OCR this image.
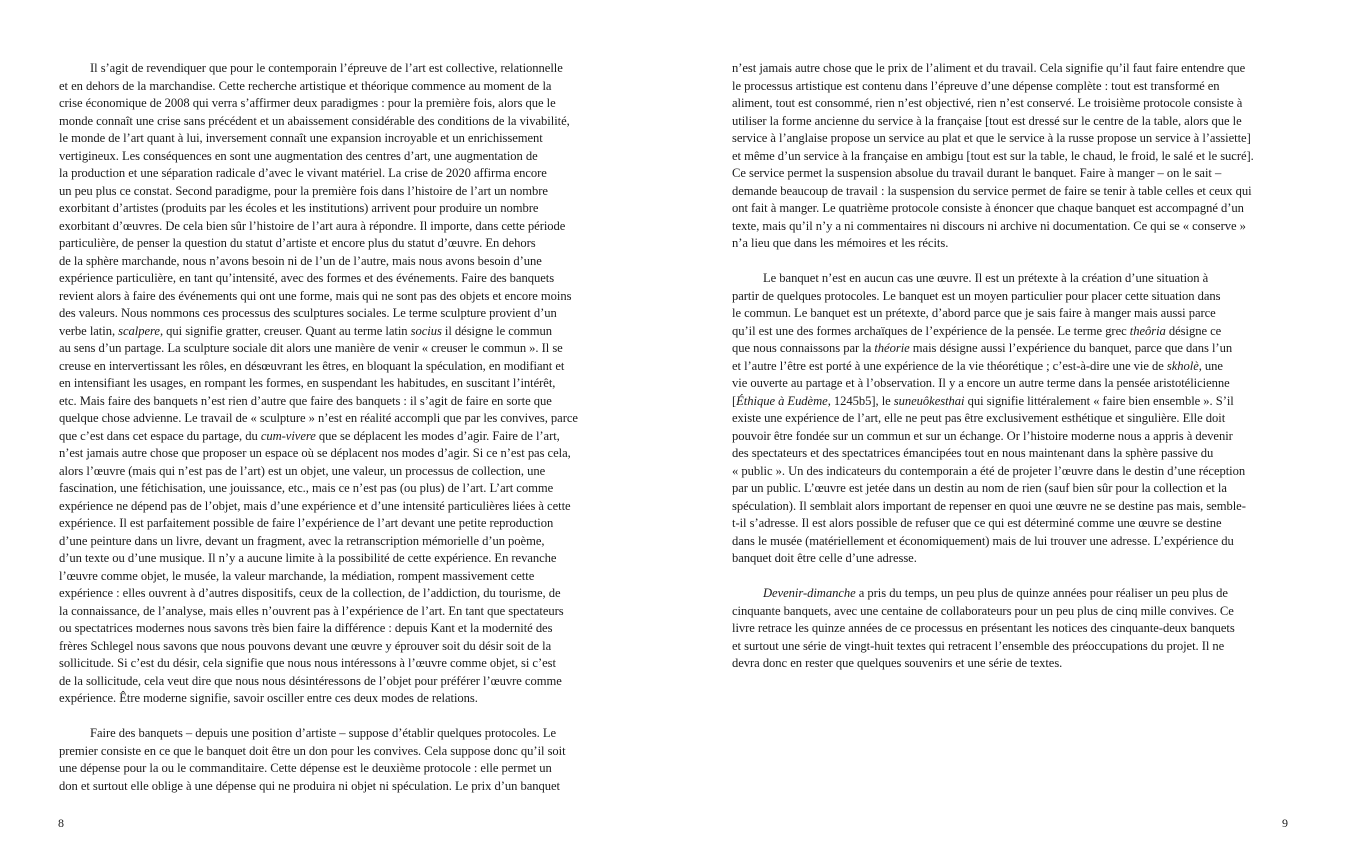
Il s’agit de revendiquer que pour le contemporain l’épreuve de l’art est collective, relationnelle
et en dehors de la marchandise. Cette recherche artistique et théorique commence au moment de la
crise économique de 2008 qui verra s’affirmer deux paradigmes : pour la première fois, alors que le
monde connaît une crise sans précédent et un abaissement considérable des conditions de la vivabilité,
le monde de l’art quant à lui, inversement connaît une expansion incroyable et un enrichissement
vertigineux. Les conséquences en sont une augmentation des centres d’art, une augmentation de
la production et une séparation radicale d’avec le vivant matériel. La crise de 2020 affirma encore
un peu plus ce constat. Second paradigme, pour la première fois dans l’histoire de l’art un nombre
exorbitant d’artistes (produits par les écoles et les institutions) arrivent pour produire un nombre
exorbitant d’œuvres. De cela bien sûr l’histoire de l’art aura à répondre. Il importe, dans cette période
particulière, de penser la question du statut d’artiste et encore plus du statut d’œuvre. En dehors
de la sphère marchande, nous n’avons besoin ni de l’un de l’autre, mais nous avons besoin d’une
expérience particulière, en tant qu’intensité, avec des formes et des événements. Faire des banquets
revient alors à faire des événements qui ont une forme, mais qui ne sont pas des objets et encore moins
des valeurs. Nous nommons ces processus des sculptures sociales. Le terme sculpture provient d’un
verbe latin, scalpere, qui signifie gratter, creuser. Quant au terme latin socius il désigne le commun
au sens d’un partage. La sculpture sociale dit alors une manière de venir « creuser le commun ». Il se
creuse en intervertissant les rôles, en désœuvrant les êtres, en bloquant la spéculation, en modifiant et
en intensifiant les usages, en rompant les formes, en suspendant les habitudes, en suscitant l’intérêt,
etc. Mais faire des banquets n’est rien d’autre que faire des banquets : il s’agit de faire en sorte que
quelque chose advienne. Le travail de « sculpture » n’est en réalité accompli que par les convives, parce
que c’est dans cet espace du partage, du cum-vivere que se déplacent les modes d’agir. Faire de l’art,
n’est jamais autre chose que proposer un espace où se déplacent nos modes d’agir. Si ce n’est pas cela,
alors l’œuvre (mais qui n’est pas de l’art) est un objet, une valeur, un processus de collection, une
fascination, une fétichisation, une jouissance, etc., mais ce n’est pas (ou plus) de l’art. L’art comme
expérience ne dépend pas de l’objet, mais d’une expérience et d’une intensité particulières liées à cette
expérience. Il est parfaitement possible de faire l’expérience de l’art devant une petite reproduction
d’une peinture dans un livre, devant un fragment, avec la retranscription mémorielle d’un poème,
d’un texte ou d’une musique. Il n’y a aucune limite à la possibilité de cette expérience. En revanche
l’œuvre comme objet, le musée, la valeur marchande, la médiation, rompent massivement cette
expérience : elles ouvrent à d’autres dispositifs, ceux de la collection, de l’addiction, du tourisme, de
la connaissance, de l’analyse, mais elles n’ouvrent pas à l’expérience de l’art. En tant que spectateurs
ou spectatrices modernes nous savons très bien faire la différence : depuis Kant et la modernité des
frères Schlegel nous savons que nous pouvons devant une œuvre y éprouver soit du désir soit de la
sollicitude. Si c’est du désir, cela signifie que nous nous intéressons à l’œuvre comme objet, si c’est
de la sollicitude, cela veut dire que nous nous désintéressons de l’objet pour préférer l’œuvre comme
expérience. Être moderne signifie, savoir osciller entre ces deux modes de relations.
Faire des banquets – depuis une position d’artiste – suppose d’établir quelques protocoles. Le
premier consiste en ce que le banquet doit être un don pour les convives. Cela suppose donc qu’il soit
une dépense pour la ou le commanditaire. Cette dépense est le deuxième protocole : elle permet un
don et surtout elle oblige à une dépense qui ne produira ni objet ni spéculation. Le prix d’un banquet
8
n’est jamais autre chose que le prix de l’aliment et du travail. Cela signifie qu’il faut faire entendre que
le processus artistique est contenu dans l’épreuve d’une dépense complète : tout est transformé en
aliment, tout est consommé, rien n’est objectivé, rien n’est conservé. Le troisième protocole consiste à
utiliser la forme ancienne du service à la française [tout est dressé sur le centre de la table, alors que le
service à l’anglaise propose un service au plat et que le service à la russe propose un service à l’assiette]
et même d’un service à la française en ambigu [tout est sur la table, le chaud, le froid, le salé et le sucré].
Ce service permet la suspension absolue du travail durant le banquet. Faire à manger – on le sait –
demande beaucoup de travail : la suspension du service permet de faire se tenir à table celles et ceux qui
ont fait à manger. Le quatrième protocole consiste à énoncer que chaque banquet est accompagné d’un
texte, mais qu’il n’y a ni commentaires ni discours ni archive ni documentation. Ce qui se « conserve »
n’a lieu que dans les mémoires et les récits.
Le banquet n’est en aucun cas une œuvre. Il est un prétexte à la création d’une situation à
partir de quelques protocoles. Le banquet est un moyen particulier pour placer cette situation dans
le commun. Le banquet est un prétexte, d’abord parce que je sais faire à manger mais aussi parce
qu’il est une des formes archaïques de l’expérience de la pensée. Le terme grec theôria désigne ce
que nous connaissons par la théorie mais désigne aussi l’expérience du banquet, parce que dans l’un
et l’autre l’être est porté à une expérience de la vie théorétique ; c’est-à-dire une vie de skholè, une
vie ouverte au partage et à l’observation. Il y a encore un autre terme dans la pensée aristotélicienne
[Éthique à Eudème, 1245b5], le suneuôkesthai qui signifie littéralement « faire bien ensemble ». S’il
existe une expérience de l’art, elle ne peut pas être exclusivement esthétique et singulière. Elle doit
pouvoir être fondée sur un commun et sur un échange. Or l’histoire moderne nous a appris à devenir
des spectateurs et des spectatrices émancipées tout en nous maintenant dans la sphère passive du
« public ». Un des indicateurs du contemporain a été de projeter l’œuvre dans le destin d’une réception
par un public. L’œuvre est jetée dans un destin au nom de rien (sauf bien sûr pour la collection et la
spéculation). Il semblait alors important de repenser en quoi une œuvre ne se destine pas mais, semble-
t-il s’adresse. Il est alors possible de refuser que ce qui est déterminé comme une œuvre se destine
dans le musée (matériellement et économiquement) mais de lui trouver une adresse. L’expérience du
banquet doit être celle d’une adresse.
Devenir-dimanche a pris du temps, un peu plus de quinze années pour réaliser un peu plus de
cinquante banquets, avec une centaine de collaborateurs pour un peu plus de cinq mille convives. Ce
livre retrace les quinze années de ce processus en présentant les notices des cinquante-deux banquets
et surtout une série de vingt-huit textes qui retracent l’ensemble des préoccupations du projet. Il ne
devra donc en rester que quelques souvenirs et une série de textes.
9
